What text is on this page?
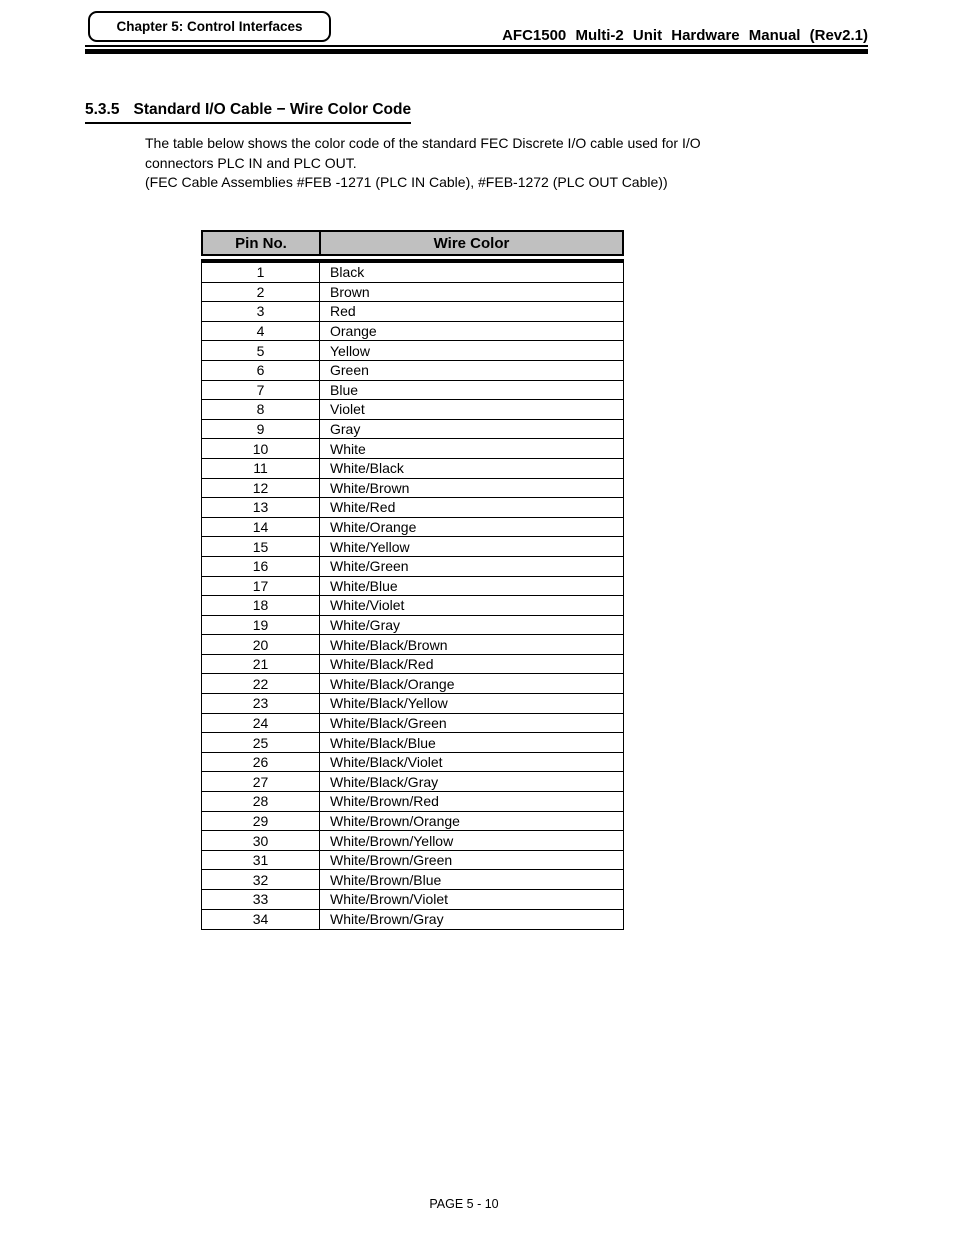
Chapter 5: Control Interfaces
AFC1500 Multi-2 Unit Hardware Manual (Rev2.1)
5.3.5 Standard I/O Cable − Wire Color Code
The table below shows the color code of the standard FEC Discrete I/O cable used for I/O
connectors PLC IN and PLC OUT.
(FEC Cable Assemblies #FEB -1271 (PLC IN Cable), #FEB-1272 (PLC OUT Cable))
Pin No.	Wire Color
1	Black
2	Brown
3	Red
4	Orange
5	Yellow
6	Green
7	Blue
8	Violet
9	Gray
10	White
11	White/Black
12	White/Brown
13	White/Red
14	White/Orange
15	White/Yellow
16	White/Green
17	White/Blue
18	White/Violet
19	White/Gray
20	White/Black/Brown
21	White/Black/Red
22	White/Black/Orange
23	White/Black/Yellow
24	White/Black/Green
25	White/Black/Blue
26	White/Black/Violet
27	White/Black/Gray
28	White/Brown/Red
29	White/Brown/Orange
30	White/Brown/Yellow
31	White/Brown/Green
32	White/Brown/Blue
33	White/Brown/Violet
34	White/Brown/Gray
PAGE 5 - 10
